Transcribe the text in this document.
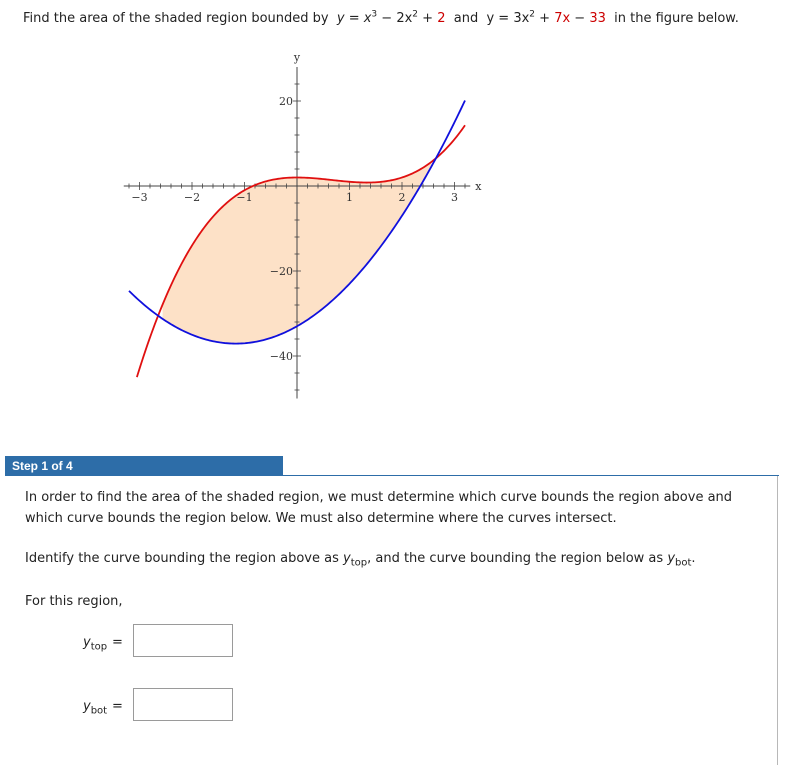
Find the area of the shaded region bounded by $y = x^3 - 2x^2 + 2$ and $y = 3x^2 + 7x - 33$ in the figure below.
−3	−2	−1	1	2	3
20
−20
−40
x
y
Step 1 of 4
In order to find the area of the shaded region, we must determine which curve bounds the region above and which curve bounds the region below. We must also determine where the curves intersect.
Identify the curve bounding the region above as $y_{top}$, and the curve bounding the region below as $y_{bot}$.
For this region,
$y_{top}$ =
$y_{bot}$ =
